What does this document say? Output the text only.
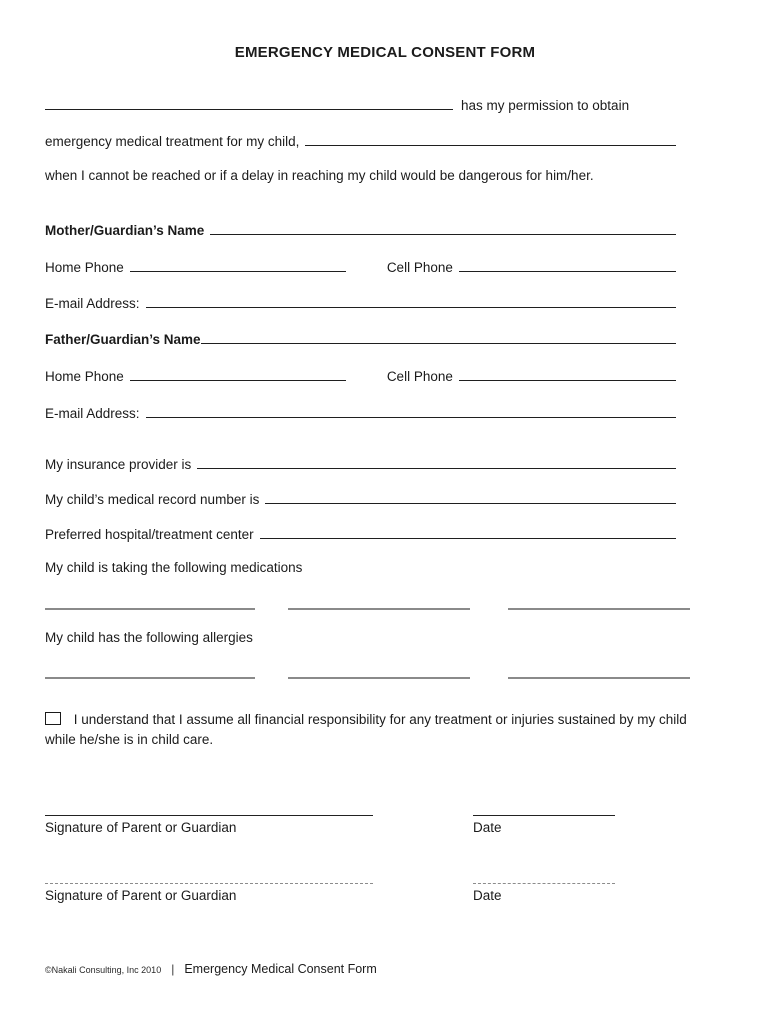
EMERGENCY MEDICAL CONSENT FORM
has my permission to obtain
emergency medical treatment for my child,
when I cannot be reached or if a delay in reaching my child would be dangerous for him/her.
Mother/Guardian’s Name
Home Phone	Cell Phone
E-mail Address:
Father/Guardian’s Name
Home Phone	Cell Phone
E-mail Address:
My insurance provider is
My child’s medical record number is
Preferred hospital/treatment center
My child is taking the following medications
My child has the following allergies
I understand that I assume all financial responsibility for any treatment or injuries sustained by my child while he/she is in child care.
Signature of Parent or Guardian	Date
Signature of Parent or Guardian	Date
©Nakali Consulting, Inc 2010 | Emergency Medical Consent Form
